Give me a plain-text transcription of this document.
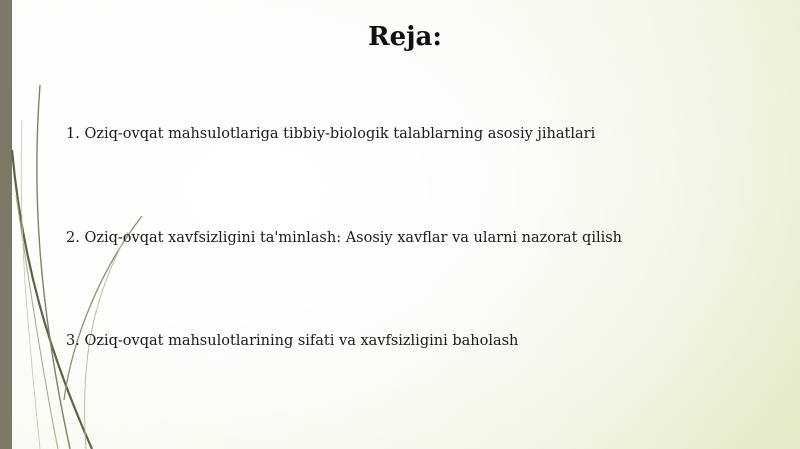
Reja:
1. Oziq-ovqat mahsulotlariga tibbiy-biologik talablarning asosiy jihatlari
2. Oziq-ovqat xavfsizligini ta'minlash: Asosiy xavflar va ularni nazorat qilish
3. Oziq-ovqat mahsulotlarining sifati va xavfsizligini baholash
